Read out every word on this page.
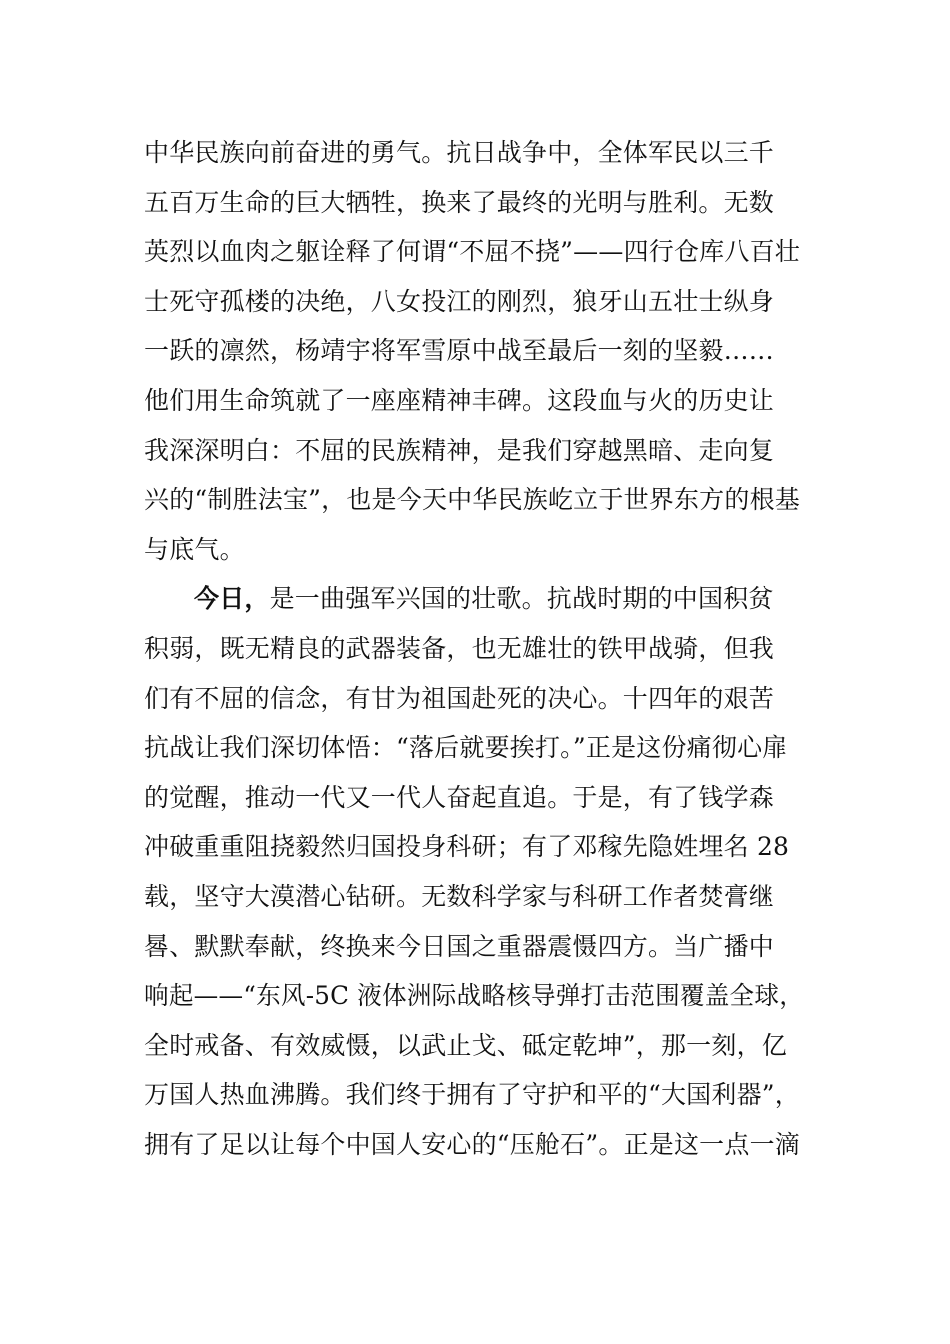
中华民族向前奋进的勇气。抗日战争中，全体军民以三千
五百万生命的巨大牺牲，换来了最终的光明与胜利。无数
英烈以血肉之躯诠释了何谓“不屈不挠”——四行仓库八百壮
士死守孤楼的决绝，八女投江的刚烈，狼牙山五壮士纵身
一跃的凛然，杨靖宇将军雪原中战至最后一刻的坚毅……
他们用生命筑就了一座座精神丰碑。这段血与火的历史让
我深深明白：不屈的民族精神，是我们穿越黑暗、走向复
兴的“制胜法宝”，也是今天中华民族屹立于世界东方的根基
与底气。
今日，是一曲强军兴国的壮歌。抗战时期的中国积贫
积弱，既无精良的武器装备，也无雄壮的铁甲战骑，但我
们有不屈的信念，有甘为祖国赴死的决心。十四年的艰苦
抗战让我们深切体悟：“落后就要挨打。”正是这份痛彻心扉
的觉醒，推动一代又一代人奋起直追。于是，有了钱学森
冲破重重阻挠毅然归国投身科研；有了邓稼先隐姓埋名 28
载，坚守大漠潜心钻研。无数科学家与科研工作者焚膏继
晷、默默奉献，终换来今日国之重器震慑四方。当广播中
响起——“东风-5C 液体洲际战略核导弹打击范围覆盖全球，
全时戒备、有效威慑，以武止戈、砥定乾坤”，那一刻，亿
万国人热血沸腾。我们终于拥有了守护和平的“大国利器”，
拥有了足以让每个中国人安心的“压舱石”。正是这一点一滴
